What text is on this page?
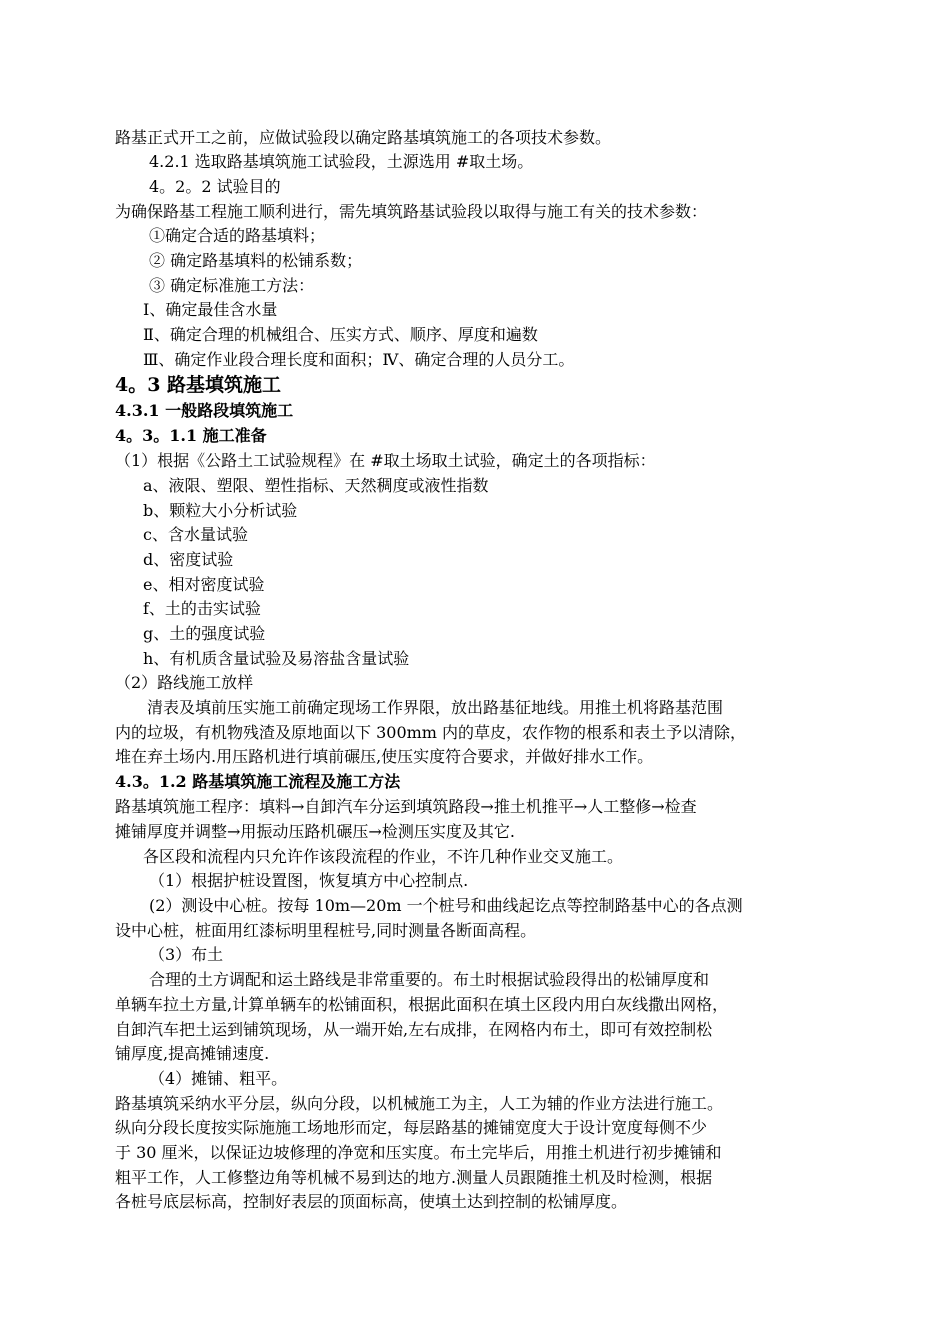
路基正式开工之前，应做试验段以确定路基填筑施工的各项技术参数。
4.2.1 选取路基填筑施工试验段，土源选用 #取土场。
4。2。2 试验目的
为确保路基工程施工顺利进行，需先填筑路基试验段以取得与施工有关的技术参数：
①确定合适的路基填料；
② 确定路基填料的松铺系数；
③ 确定标准施工方法：
Ⅰ、确定最佳含水量
Ⅱ、确定合理的机械组合、压实方式、顺序、厚度和遍数
Ⅲ、确定作业段合理长度和面积；Ⅳ、确定合理的人员分工。
4。3 路基填筑施工
4.3.1 一般路段填筑施工
4。3。1.1 施工准备
（1）根据《公路土工试验规程》在 #取土场取土试验，确定土的各项指标：
a、液限、塑限、塑性指标、天然稠度或液性指数
b、颗粒大小分析试验
c、含水量试验
d、密度试验
e、相对密度试验
f、土的击实试验
g、土的强度试验
h、有机质含量试验及易溶盐含量试验
（2）路线施工放样
清表及填前压实施工前确定现场工作界限，放出路基征地线。用推土机将路基范围
内的垃圾，有机物残渣及原地面以下 300mm 内的草皮，农作物的根系和表土予以清除，
堆在弃土场内.用压路机进行填前碾压,使压实度符合要求，并做好排水工作。
4.3。1.2 路基填筑施工流程及施工方法
路基填筑施工程序：填料→自卸汽车分运到填筑路段→推土机推平→人工整修→检查
摊铺厚度并调整→用振动压路机碾压→检测压实度及其它.
各区段和流程内只允许作该段流程的作业，不许几种作业交叉施工。
（1）根据护桩设置图，恢复填方中心控制点.
(2）测设中心桩。按每 10m—20m 一个桩号和曲线起讫点等控制路基中心的各点测
设中心桩，桩面用红漆标明里程桩号,同时测量各断面高程。
（3）布土
合理的土方调配和运土路线是非常重要的。布土时根据试验段得出的松铺厚度和
单辆车拉土方量,计算单辆车的松铺面积，根据此面积在填土区段内用白灰线撒出网格，
自卸汽车把土运到铺筑现场，从一端开始,左右成排，在网格内布土，即可有效控制松
铺厚度,提高摊铺速度.
（4）摊铺、粗平。
路基填筑采纳水平分层，纵向分段，以机械施工为主，人工为辅的作业方法进行施工。
纵向分段长度按实际施施工场地形而定，每层路基的摊铺宽度大于设计宽度每侧不少
于 30 厘米，以保证边坡修理的净宽和压实度。布土完毕后，用推土机进行初步摊铺和
粗平工作，人工修整边角等机械不易到达的地方.测量人员跟随推土机及时检测，根据
各桩号底层标高，控制好表层的顶面标高，使填土达到控制的松铺厚度。
